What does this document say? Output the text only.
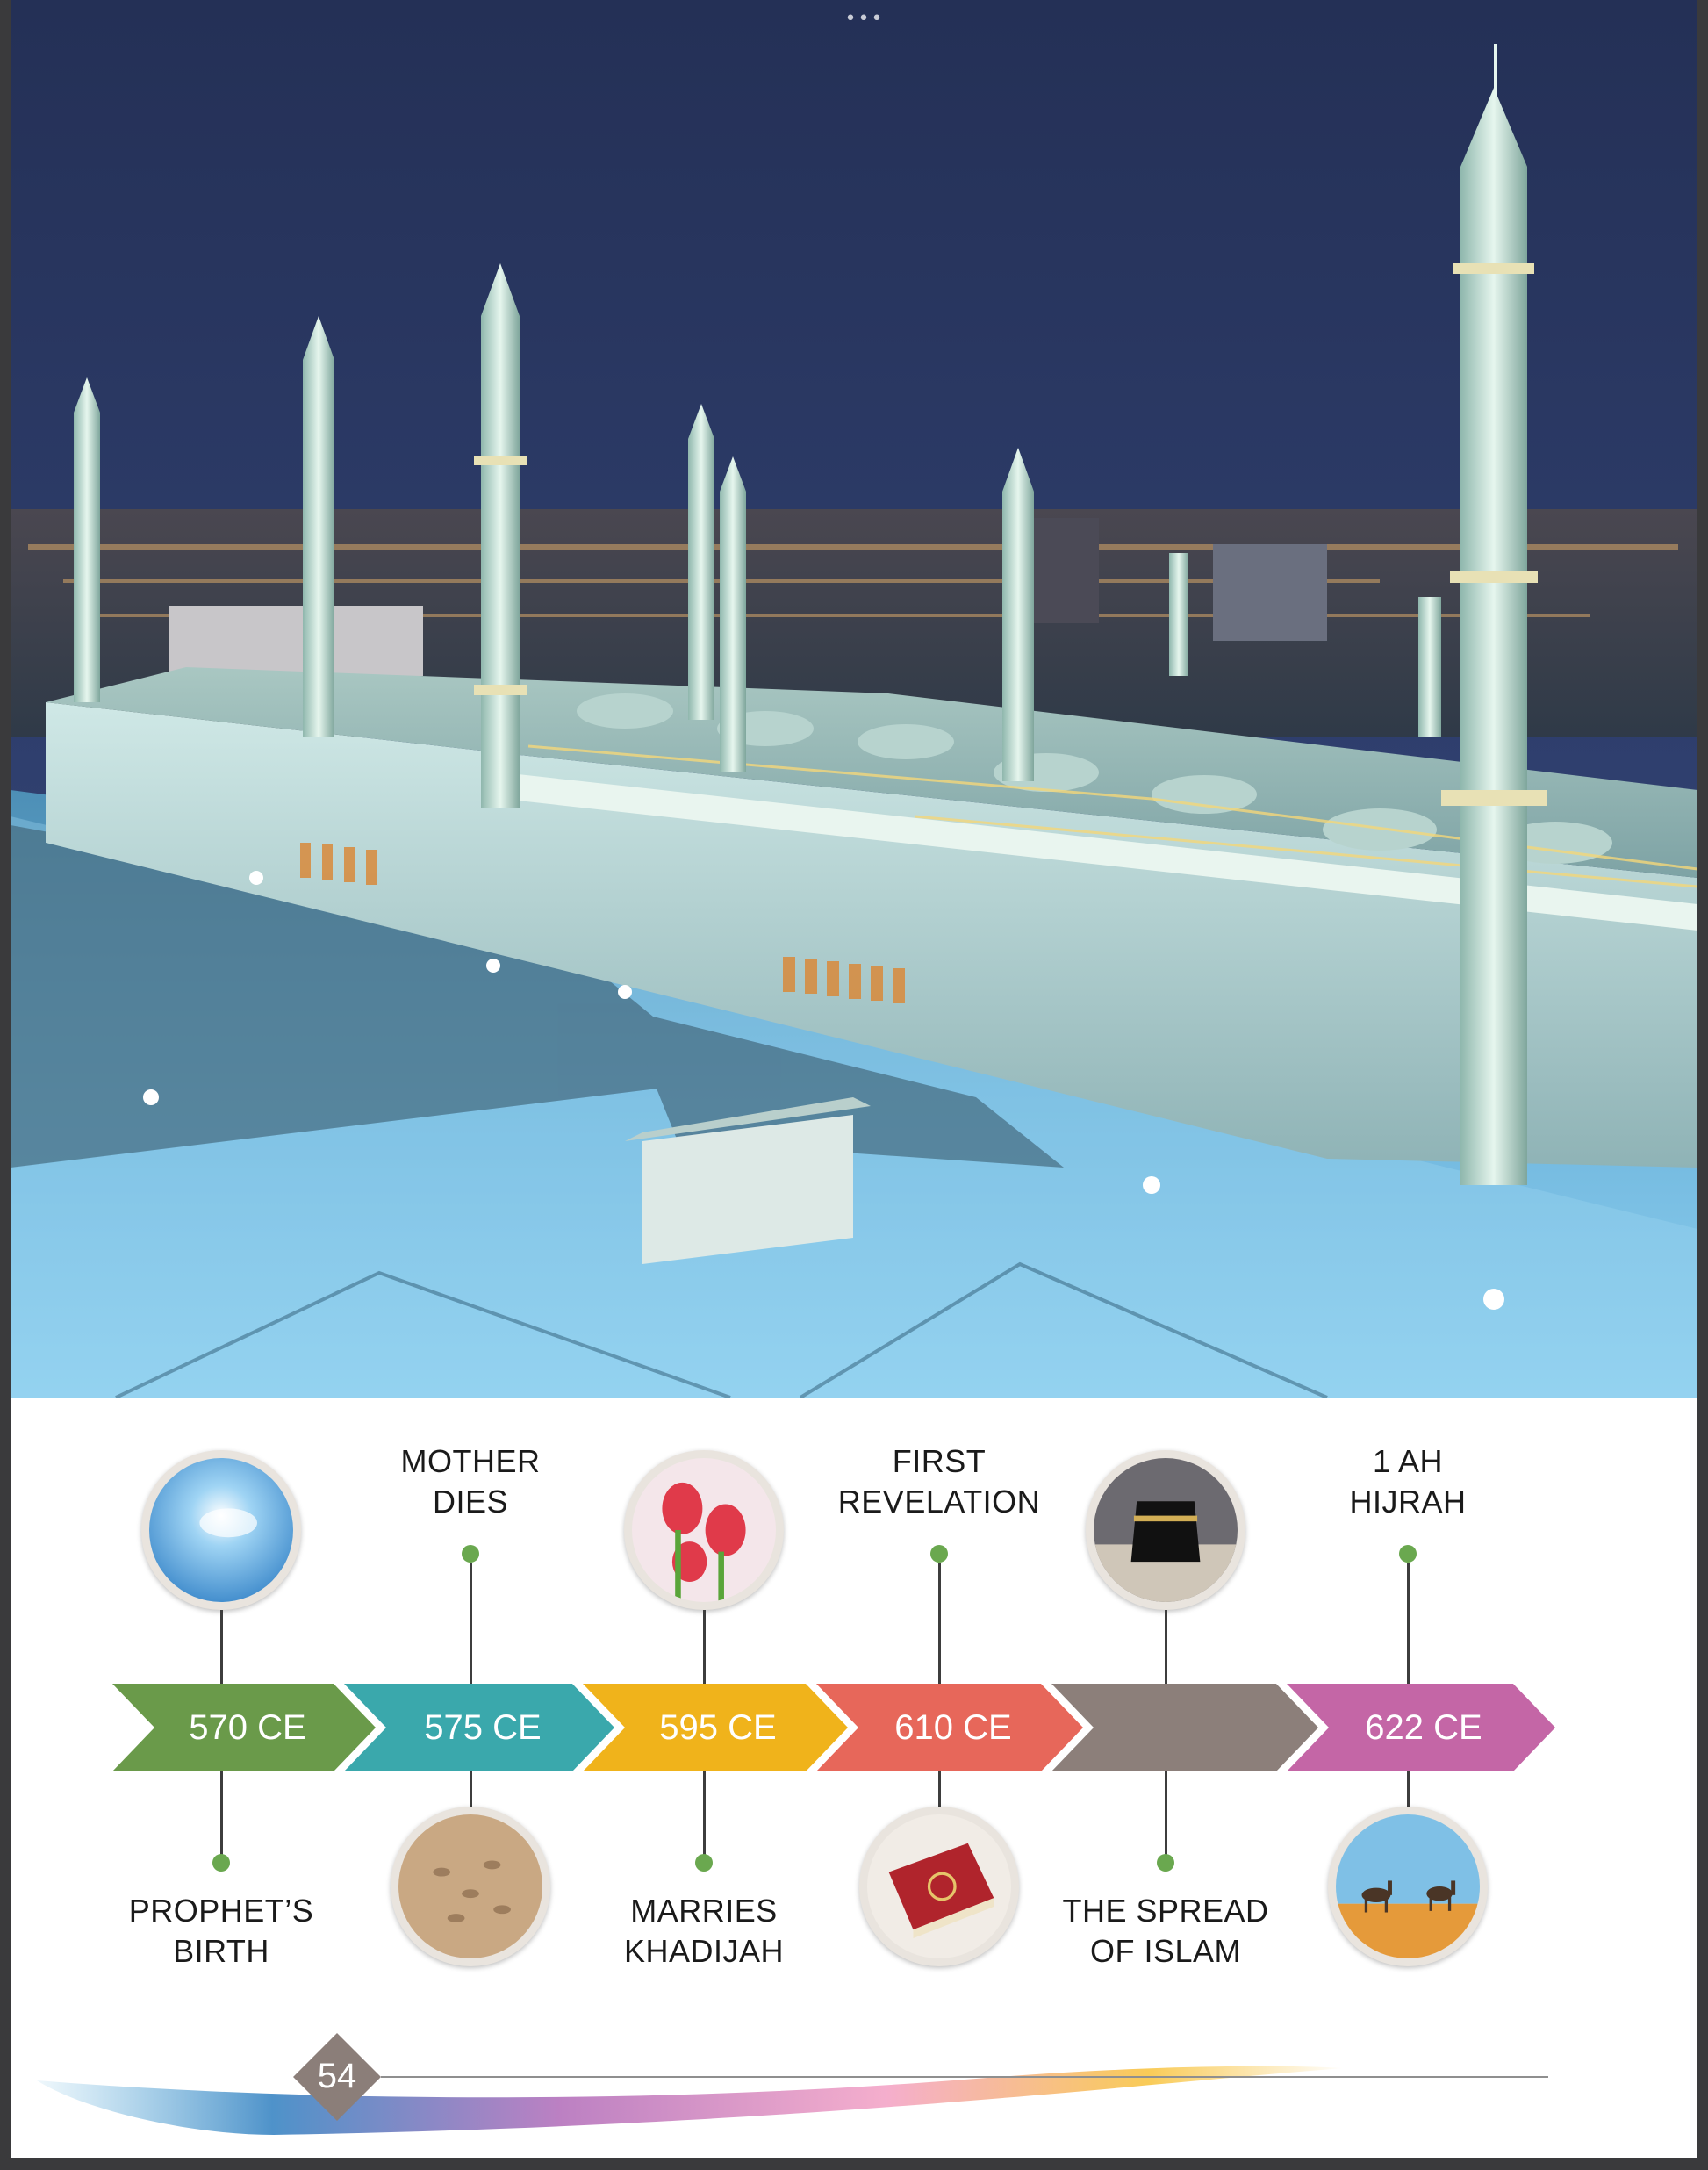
•••
570 CE	575 CE	595 CE	610 CE	622 CE
PROPHET’S
BIRTH
MOTHER
DIES
MARRIES
KHADIJAH
FIRST
REVELATION
THE SPREAD
OF ISLAM
1 AH
HIJRAH
54
